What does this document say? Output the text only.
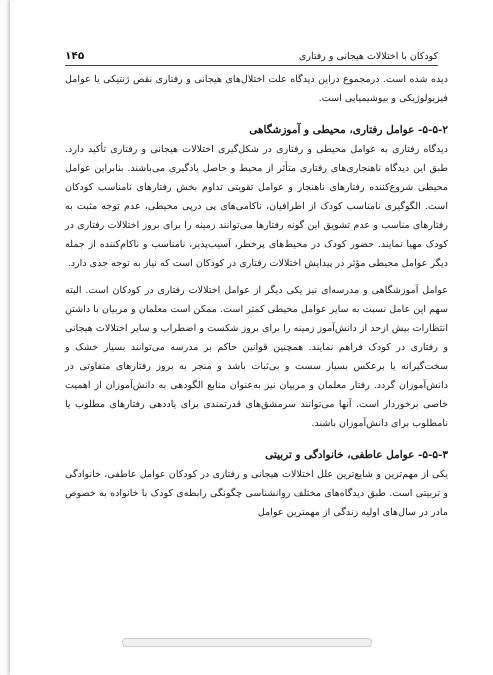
۱۴۵	کودکان با اختلالات هیجانی و رفتاری

دیده شده است. درمجموع دراین دیدگاه علت اختلال‌های هیجانی و رفتاری نقص ژنتیکی یا عوامل فیزیولوژیکی و بیوشیمیایی است.

۵-۵-۲- عوامل رفتاری، محیطی و آموزشگاهی

دیدگاه رفتاری به عوامل محیطی و رفتاری در شکل‌گیری اختلالات هیجانی و رفتاری تأکید دارد. طبق این دیدگاه ناهنجاری‌های رفتاری متأثر از محیط و حاصل یادگیری می‌باشند. بنابراین عوامل محیطی شروع‌کننده رفتارهای ناهنجار و عوامل تقویتی تداوم بخش رفتارهای نامناسب کودکان است. الگوگیری نامناسب کودک از اطرافیان، ناکامی‌های پی درپی محیطی، عدم توجه مثبت به رفتارهای مناسب و عدم تشویق این گونه رفتارها می‌توانند زمینه را برای بروز اختلالات رفتاری در کودک مهیا نمایند. حضور کودک در محیط‌های پرخطر، آسیب‌پذیر، نامناسب و ناکام‌کننده از جمله دیگر عوامل محیطی مؤثر در پیدایش اختلالات رفتاری در کودکان است که نیاز به توجه جدی دارد.

عوامل آموزشگاهی و مدرسه‌ای نیز یکی دیگر از عوامل اختلالات رفتاری در کودکان است. البته سهم این عامل نسبت به سایر عوامل محیطی کمتر است. ممکن است معلمان و مربیان با داشتن انتظارات بیش ازحد از دانش‌آموز زمینه را برای بروز شکست و اضطراب و سایر اختلالات هیجانی و رفتاری در کودک فراهم نمایند. همچنین قوانین حاکم بر مدرسه می‌توانند بسیار خشک و سخت‌گیرانه یا برعکس بسیار سست و بی‌ثبات باشد و منجر به بروز رفتارهای متفاوتی در دانش‌آموزان گردد. رفتار معلمان و مربیان نیز به‌عنوان منابع الگودهی به دانش‌آموزان از اهمیت خاصی برخوردار است. آنها می‌توانند سرمشق‌های قدرتمندی برای یاددهی رفتارهای مطلوب یا نامطلوب برای دانش‌آموزان باشند.

۵-۵-۳- عوامل عاطفی، خانوادگی و تربیتی

یکی از مهم‌ترین و شایع‌ترین علل اختلالات هیجانی و رفتاری در کودکان عوامل عاطفی، خانوادگی و تربیتی است. طبق دیدگاه‌های مختلف روانشناسی چگونگی رابطه‌ی کودک با خانواده به خصوص مادر در سال‌های اولیه زندگی از مهمترین عوامل
